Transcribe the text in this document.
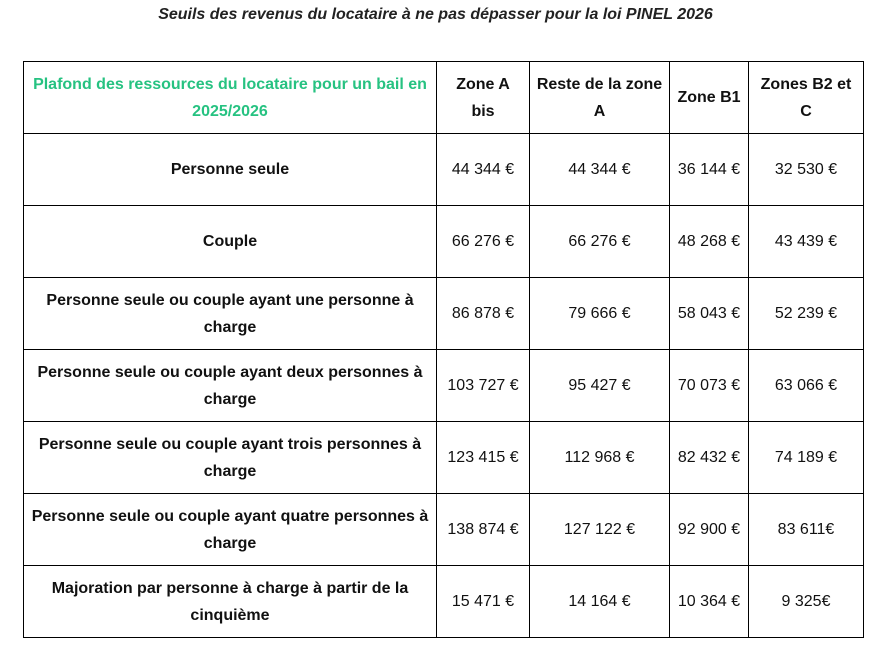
Seuils des revenus du locataire à ne pas dépasser pour la loi PINEL 2026
Plafond des ressources du locataire pour un bail en 2025/2026	Zone A bis	Reste de la zone A	Zone B1	Zones B2 et C
Personne seule	44 344 €	44 344 €	36 144 €	32 530 €
Couple	66 276 €	66 276 €	48 268 €	43 439 €
Personne seule ou couple ayant une personne à charge	86 878 €	79 666 €	58 043 €	52 239 €
Personne seule ou couple ayant deux personnes à charge	103 727 €	95 427 €	70 073 €	63 066 €
Personne seule ou couple ayant trois personnes à charge	123 415 €	112 968 €	82 432 €	74 189 €
Personne seule ou couple ayant quatre personnes à charge	138 874 €	127 122 €	92 900 €	83 611€
Majoration par personne à charge à partir de la cinquième	15 471 €	14 164 €	10 364 €	9 325€
